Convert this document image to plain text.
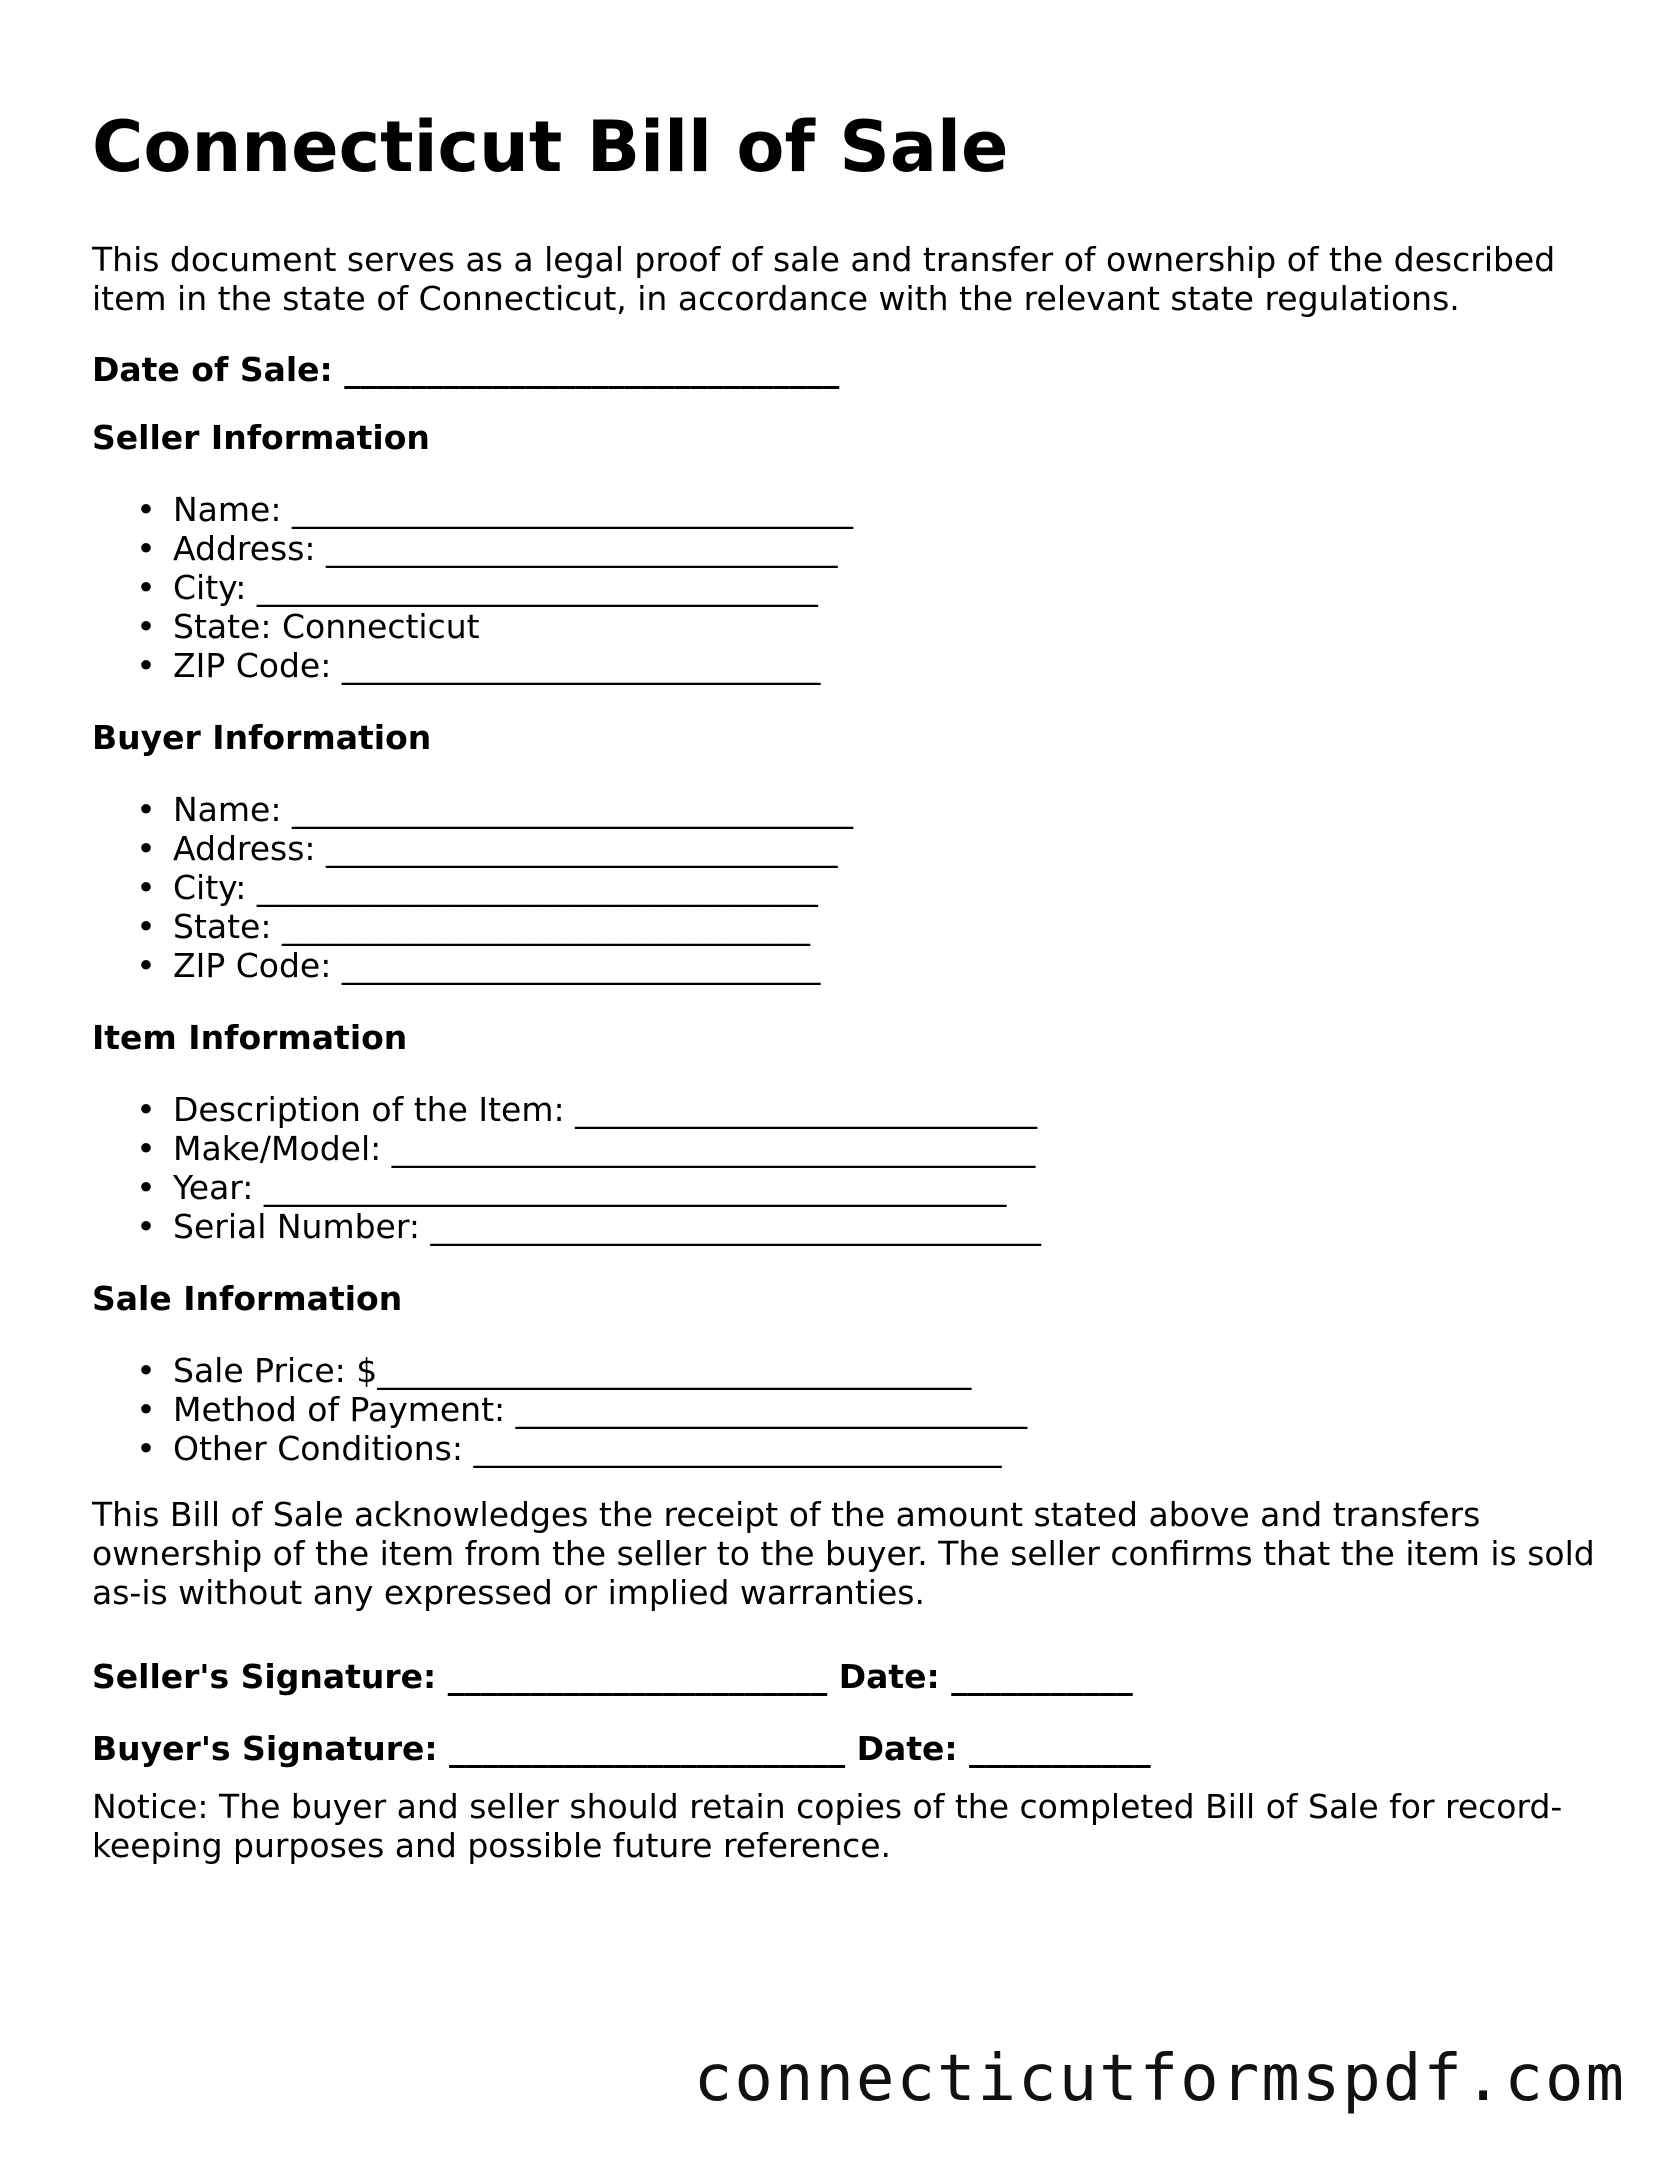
Connecticut Bill of Sale

This document serves as a legal proof of sale and transfer of ownership of the described item in the state of Connecticut, in accordance with the relevant state regulations.

Date of Sale: ______________________________

Seller Information
• Name: __________________________________
• Address: _______________________________
• City: __________________________________
• State: Connecticut
• ZIP Code: _____________________________
Buyer Information
• Name: __________________________________
• Address: _______________________________
• City: __________________________________
• State: ________________________________
• ZIP Code: _____________________________
Item Information
• Description of the Item: ____________________________
• Make/Model: _______________________________________
• Year: _____________________________________________
• Serial Number: _____________________________________
Sale Information
• Sale Price: $____________________________________
• Method of Payment: _______________________________
• Other Conditions: ________________________________

This Bill of Sale acknowledges the receipt of the amount stated above and transfers ownership of the item from the seller to the buyer. The seller confirms that the item is sold as-is without any expressed or implied warranties.

Seller's Signature: _______________________ Date: ___________

Buyer's Signature: ________________________ Date: ___________

Notice: The buyer and seller should retain copies of the completed Bill of Sale for record-keeping purposes and possible future reference.

connecticutformspdf.com
